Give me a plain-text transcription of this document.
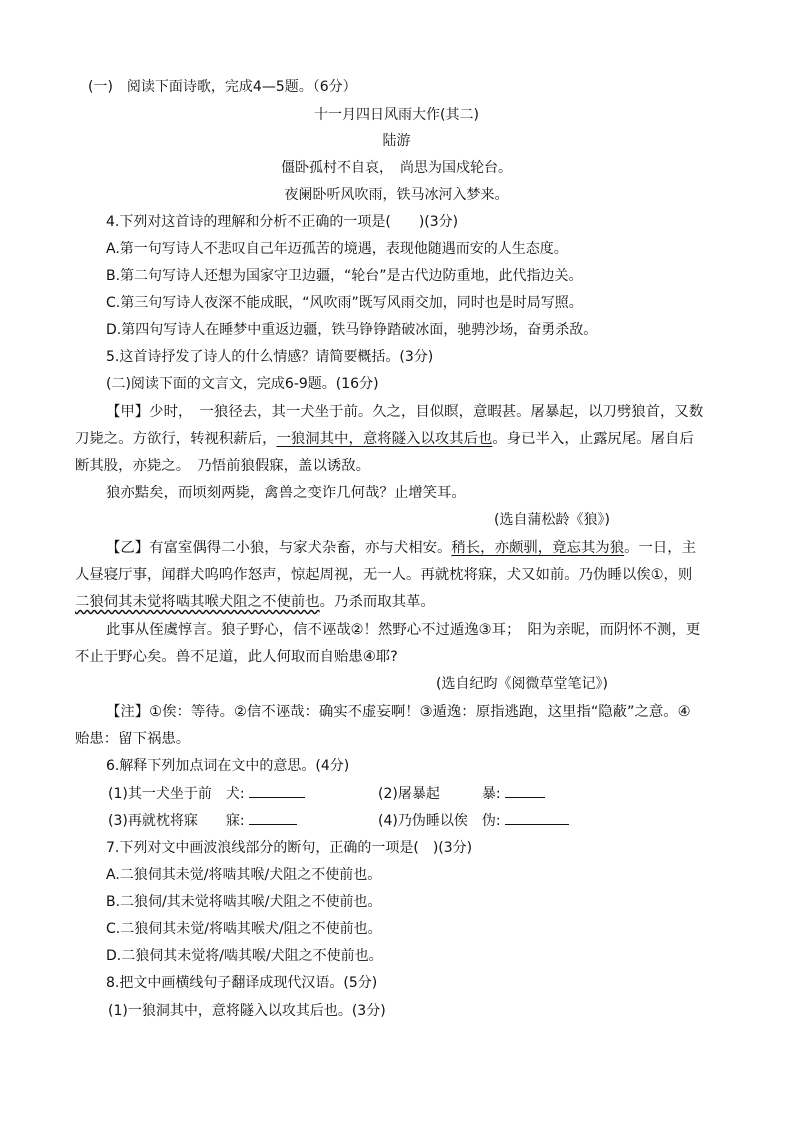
(一)　阅读下面诗歌，完成4—5题。（6分）
十一月四日风雨大作(其二)
陆游
僵卧孤村不自哀，　尚思为国戍轮台。
夜阑卧听风吹雨，铁马冰河入梦来。
4.下列对这首诗的理解和分析不正确的一项是(　　)(3分)
A.第一句写诗人不悲叹自己年迈孤苦的境遇，表现他随遇而安的人生态度。
B.第二句写诗人还想为国家守卫边疆，“轮台”是古代边防重地，此代指边关。
C.第三句写诗人夜深不能成眠，“风吹雨”既写风雨交加，同时也是时局写照。
D.第四句写诗人在睡梦中重返边疆，铁马铮铮踏破冰面，驰骋沙场，奋勇杀敌。
5.这首诗抒发了诗人的什么情感？请简要概括。(3分)
(二)阅读下面的文言文，完成6-9题。(16分)
【甲】少时，　一狼径去，其一犬坐于前。久之，目似瞑，意暇甚。屠暴起，以刀劈狼首，又数
刀毙之。方欲行，转视积薪后，一狼洞其中，意将隧入以攻其后也。身已半入，止露尻尾。屠自后
断其股，亦毙之。　乃悟前狼假寐，盖以诱敌。
狼亦黠矣，而顷刻两毙，禽兽之变诈几何哉？止增笑耳。
(选自蒲松龄《狼》)
【乙】有富室偶得二小狼，与家犬杂畜，亦与犬相安。稍长，亦颇驯，竟忘其为狼。一日，主
人昼寝厅事，闻群犬呜呜作怒声，惊起周视，无一人。再就枕将寐，犬又如前。乃伪睡以俟①，则
二狼伺其未觉将啮其喉犬阻之不使前也。乃杀而取其革。
此事从侄虞惇言。狼子野心，信不诬哉②！然野心不过遁逸③耳；　阳为亲昵，而阴怀不测，更
不止于野心矣。兽不足道，此人何取而自贻患④耶?
(选自纪昀《阅微草堂笔记》)
【注】①俟：等待。②信不诬哉：确实不虚妄啊！③遁逸：原指逃跑，这里指“隐蔽”之意。④
贻患：留下祸患。
6.解释下列加点词在文中的意思。(4分)
(1)其一犬坐于前　犬:	(2)屠暴起　　　暴:
(3)再就枕将寐　　寐:	(4)乃伪睡以俟　伪:
7.下列对文中画波浪线部分的断句，正确的一项是(　)(3分)
A.二狼伺其未觉/将啮其喉/犬阻之不使前也。
B.二狼伺/其未觉将啮其喉/犬阻之不使前也。
C.二狼伺其未觉/将啮其喉犬/阻之不使前也。
D.二狼伺其未觉将/啮其喉/犬阻之不使前也。
8.把文中画横线句子翻译成现代汉语。(5分)
(1)一狼洞其中，意将隧入以攻其后也。(3分)
